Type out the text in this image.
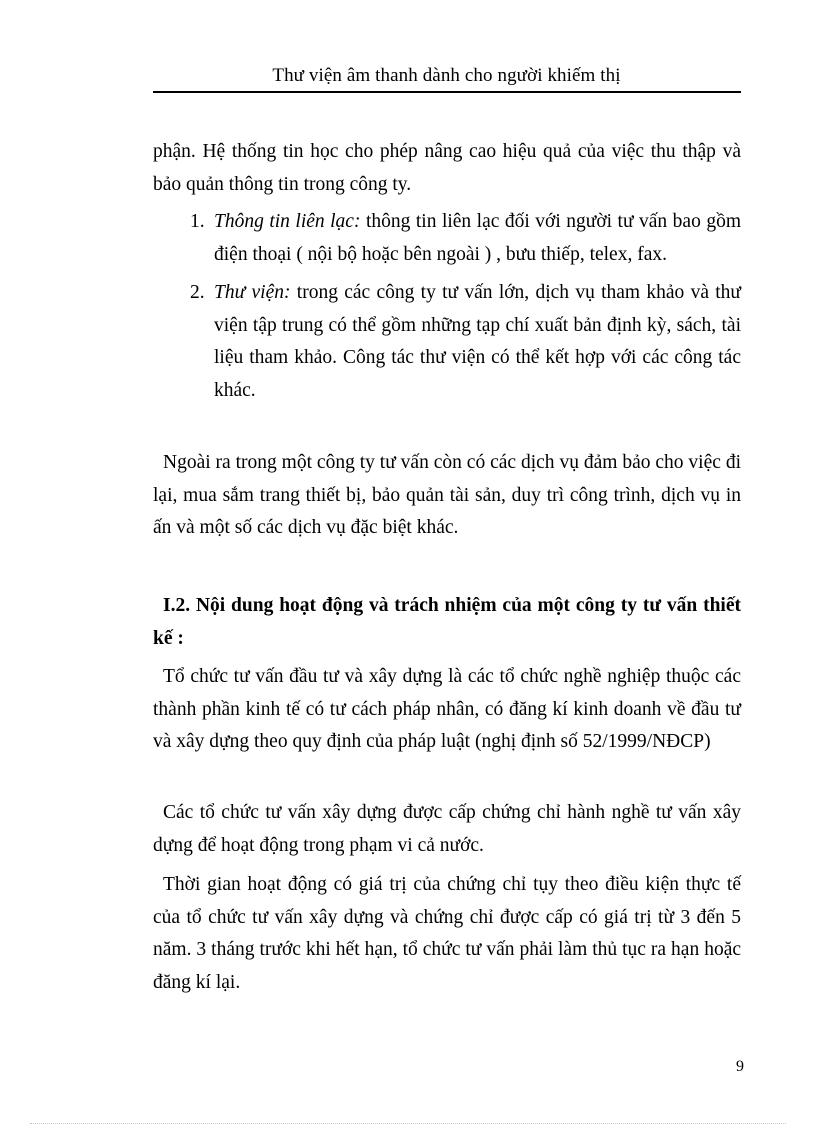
Thư viện âm thanh dành cho người khiếm thị
phận. Hệ thống tin học cho phép nâng cao hiệu quả của việc thu thập và bảo quản thông tin trong công ty.
1. Thông tin liên lạc: thông tin liên lạc đối với người tư vấn bao gồm điện thoại ( nội bộ hoặc bên ngoài ) , bưu thiếp, telex, fax.
2. Thư viện: trong các công ty tư vấn lớn, dịch vụ tham khảo và thư viện tập trung có thể gồm những tạp chí xuất bản định kỳ, sách, tài liệu tham khảo. Công tác thư viện có thể kết hợp với các công tác khác.
Ngoài ra trong một công ty tư vấn còn có các dịch vụ đảm bảo cho việc đi lại, mua sắm trang thiết bị, bảo quản tài sản, duy trì công trình, dịch vụ in ấn và một số các dịch vụ đặc biệt khác.
I.2. Nội dung hoạt động và trách nhiệm của một công ty tư vấn thiết kế :
Tổ chức tư vấn đầu tư và xây dựng là các tổ chức nghề nghiệp thuộc các thành phần kinh tế có tư cách pháp nhân, có đăng kí kinh doanh về đầu tư và xây dựng theo quy định của pháp luật (nghị định số 52/1999/NĐCP)
Các tổ chức tư vấn xây dựng được cấp chứng chỉ hành nghề tư vấn xây dựng để hoạt động trong phạm vi cả nước.
Thời gian hoạt động có giá trị của chứng chỉ tụy theo điều kiện thực tế của tổ chức tư vấn xây dựng và chứng chỉ được cấp có giá trị từ 3 đến 5 năm. 3 tháng trước khi hết hạn, tổ chức tư vấn phải làm thủ tục ra hạn hoặc đăng kí lại.
9
